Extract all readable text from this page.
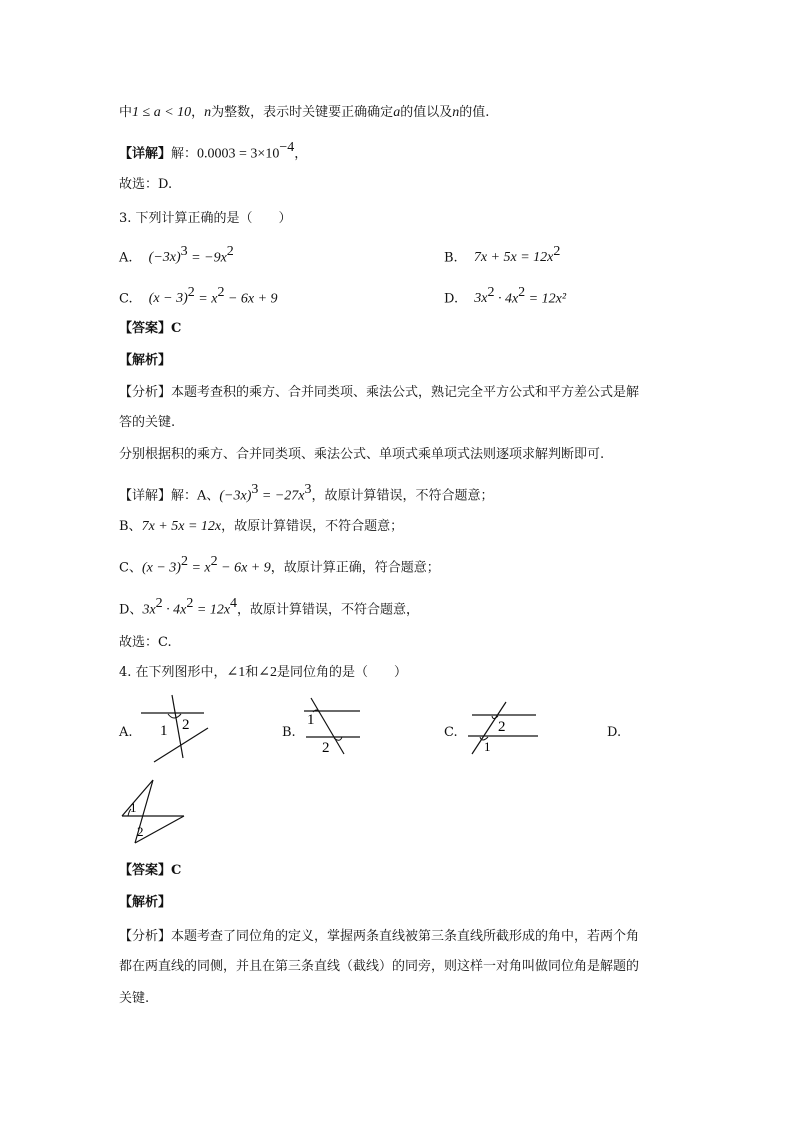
中1 ≤ a < 10，n为整数，表示时关键要正确确定a的值以及n的值.
【详解】解：$0.0003 = 3\times 10^{-4}$，
故选：D.
3. 下列计算正确的是（　　）
A. $(-3x)^3 = -9x^2$	B. $7x + 5x = 12x^2$
C. $(x - 3)^2 = x^2 - 6x + 9$	D. $3x^2 \cdot 4x^2 = 12x^2$
【答案】C
【解析】
【分析】本题考查积的乘方、合并同类项、乘法公式，熟记完全平方公式和平方差公式是解
答的关键.
分别根据积的乘方、合并同类项、乘法公式、单项式乘单项式法则逐项求解判断即可.
【详解】解：A、$(-3x)^3 = -27x^3$，故原计算错误，不符合题意；
B、7x + 5x = 12x，故原计算错误，不符合题意；
C、$(x - 3)^2 = x^2 - 6x + 9$，故原计算正确，符合题意；
D、$3x^2 \cdot 4x^2 = 12x^4$，故原计算错误，不符合题意，
故选：C.
4. 在下列图形中，∠1和∠2是同位角的是（　　）
A.	B.	C.	D.
1 2	1
2
2
1
1
2
【答案】C
【解析】
【分析】本题考查了同位角的定义，掌握两条直线被第三条直线所截形成的角中，若两个角
都在两直线的同侧，并且在第三条直线（截线）的同旁，则这样一对角叫做同位角是解题的
关键.
